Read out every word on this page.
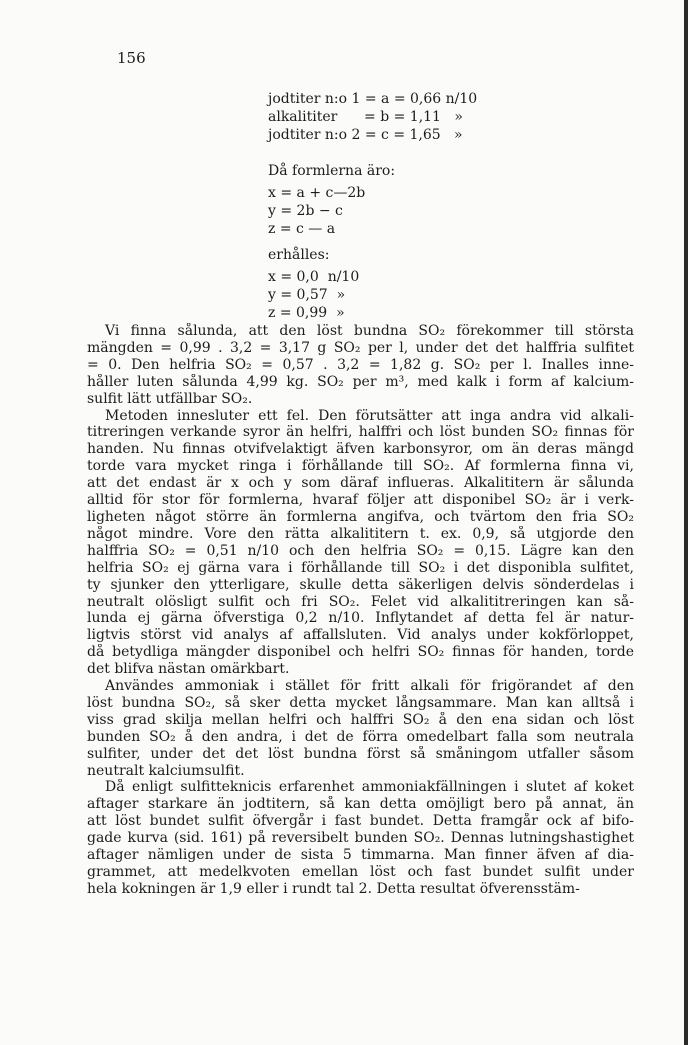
156
jodtiter n:o 1 = a = 0,66 n/10
alkalititer      = b = 1,11   »
jodtiter n:o 2 = c = 1,65   »
Då formlerna äro:
x = a + c—2b
y = 2b − c
z = c — a
erhålles:
x = 0,0  n/10
y = 0,57  »
z = 0,99  »

Vi finna sålunda, att den löst bundna SO₂ förekommer till största
mängden = 0,99 . 3,2 = 3,17 g SO₂ per l, under det det halffria sulfitet
= 0. Den helfria SO₂ = 0,57 . 3,2 = 1,82 g. SO₂ per l. Inalles inne-
håller luten sålunda 4,99 kg. SO₂ per m³, med kalk i form af kalcium-
sulfit lätt utfällbar SO₂.

Metoden innesluter ett fel. Den förutsätter att inga andra vid alkali-
titreringen verkande syror än helfri, halffri och löst bunden SO₂ finnas för
handen. Nu finnas otvifvelaktigt äfven karbonsyror, om än deras mängd
torde vara mycket ringa i förhållande till SO₂. Af formlerna finna vi,
att det endast är x och y som däraf influeras. Alkalititern är sålunda
alltid för stor för formlerna, hvaraf följer att disponibel SO₂ är i verk-
ligheten något större än formlerna angifva, och tvärtom den fria SO₂
något mindre. Vore den rätta alkalititern t. ex. 0,9, så utgjorde den
halffria SO₂ = 0,51 n/10 och den helfria SO₂ = 0,15. Lägre kan den
helfria SO₂ ej gärna vara i förhållande till SO₂ i det disponibla sulfitet,
ty sjunker den ytterligare, skulle detta säkerligen delvis sönderdelas i
neutralt olösligt sulfit och fri SO₂. Felet vid alkalititreringen kan så-
lunda ej gärna öfverstiga 0,2 n/10. Inflytandet af detta fel är natur-
ligtvis störst vid analys af affallsluten. Vid analys under kokförloppet,
då betydliga mängder disponibel och helfri SO₂ finnas för handen, torde
det blifva nästan omärkbart.

Användes ammoniak i stället för fritt alkali för frigörandet af den
löst bundna SO₂, så sker detta mycket långsammare. Man kan alltså i
viss grad skilja mellan helfri och halffri SO₂ å den ena sidan och löst
bunden SO₂ å den andra, i det de förra omedelbart falla som neutrala
sulfiter, under det det löst bundna först så småningom utfaller såsom
neutralt kalciumsulfit.

Då enligt sulfitteknicis erfarenhet ammoniakfällningen i slutet af koket
aftager starkare än jodtitern, så kan detta omöjligt bero på annat, än
att löst bundet sulfit öfvergår i fast bundet. Detta framgår ock af bifo-
gade kurva (sid. 161) på reversibelt bunden SO₂. Dennas lutningshastighet
aftager nämligen under de sista 5 timmarna. Man finner äfven af dia-
grammet, att medelkvoten emellan löst och fast bundet sulfit under
hela kokningen är 1,9 eller i rundt tal 2. Detta resultat öfverensstäm-
